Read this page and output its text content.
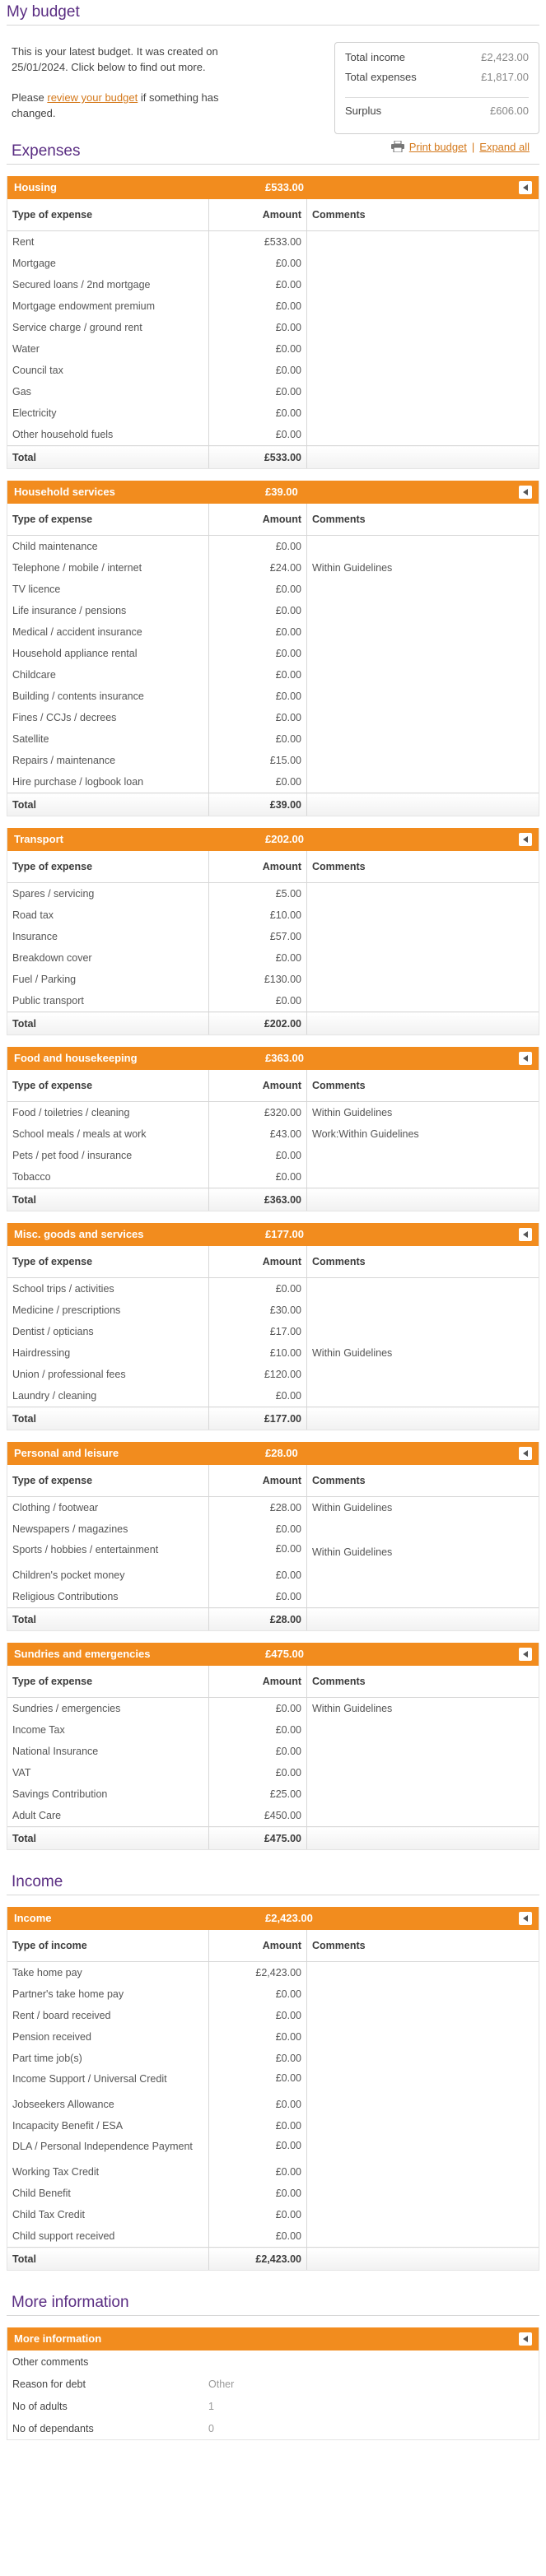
My budget

This is your latest budget. It was created on 25/01/2024. Click below to find out more.

Please review your budget if something has changed.

Total income	£2,423.00
Total expenses	£1,817.00
Surplus	£606.00
Expenses	Print budget | Expand all
Housing	£533.00
Type of expense	Amount	Comments
Rent	£533.00	
Mortgage	£0.00	
Secured loans / 2nd mortgage	£0.00	
Mortgage endowment premium	£0.00	
Service charge / ground rent	£0.00	
Water	£0.00	
Council tax	£0.00	
Gas	£0.00	
Electricity	£0.00	
Other household fuels	£0.00	
Total	£533.00	
Household services	£39.00
Type of expense	Amount	Comments
Child maintenance	£0.00	
Telephone / mobile / internet	£24.00	Within Guidelines
TV licence	£0.00	
Life insurance / pensions	£0.00	
Medical / accident insurance	£0.00	
Household appliance rental	£0.00	
Childcare	£0.00	
Building / contents insurance	£0.00	
Fines / CCJs / decrees	£0.00	
Satellite	£0.00	
Repairs / maintenance	£15.00	
Hire purchase / logbook loan	£0.00	
Total	£39.00	
Transport	£202.00
Type of expense	Amount	Comments
Spares / servicing	£5.00	
Road tax	£10.00	
Insurance	£57.00	
Breakdown cover	£0.00	
Fuel / Parking	£130.00	
Public transport	£0.00	
Total	£202.00	
Food and housekeeping	£363.00
Type of expense	Amount	Comments
Food / toiletries / cleaning	£320.00	Within Guidelines
School meals / meals at work	£43.00	Work:Within Guidelines
Pets / pet food / insurance	£0.00	
Tobacco	£0.00	
Total	£363.00	
Misc. goods and services	£177.00
Type of expense	Amount	Comments
School trips / activities	£0.00	
Medicine / prescriptions	£30.00	
Dentist / opticians	£17.00	
Hairdressing	£10.00	Within Guidelines
Union / professional fees	£120.00	
Laundry / cleaning	£0.00	
Total	£177.00	
Personal and leisure	£28.00
Type of expense	Amount	Comments
Clothing / footwear	£28.00	Within Guidelines
Newspapers / magazines	£0.00	
Sports / hobbies / entertainment	£0.00	Within Guidelines
Children's pocket money	£0.00	
Religious Contributions	£0.00	
Total	£28.00	
Sundries and emergencies	£475.00
Type of expense	Amount	Comments
Sundries / emergencies	£0.00	Within Guidelines
Income Tax	£0.00	
National Insurance	£0.00	
VAT	£0.00	
Savings Contribution	£25.00	
Adult Care	£450.00	
Total	£475.00	
Income
Income	£2,423.00
Type of income	Amount	Comments
Take home pay	£2,423.00	
Partner's take home pay	£0.00	
Rent / board received	£0.00	
Pension received	£0.00	
Part time job(s)	£0.00	
Income Support / Universal Credit	£0.00	
Jobseekers Allowance	£0.00	
Incapacity Benefit / ESA	£0.00	
DLA / Personal Independence Payment	£0.00	
Working Tax Credit	£0.00	
Child Benefit	£0.00	
Child Tax Credit	£0.00	
Child support received	£0.00	
Total	£2,423.00	
More information
More information
Other comments	
Reason for debt	Other
No of adults	1
No of dependants	0
